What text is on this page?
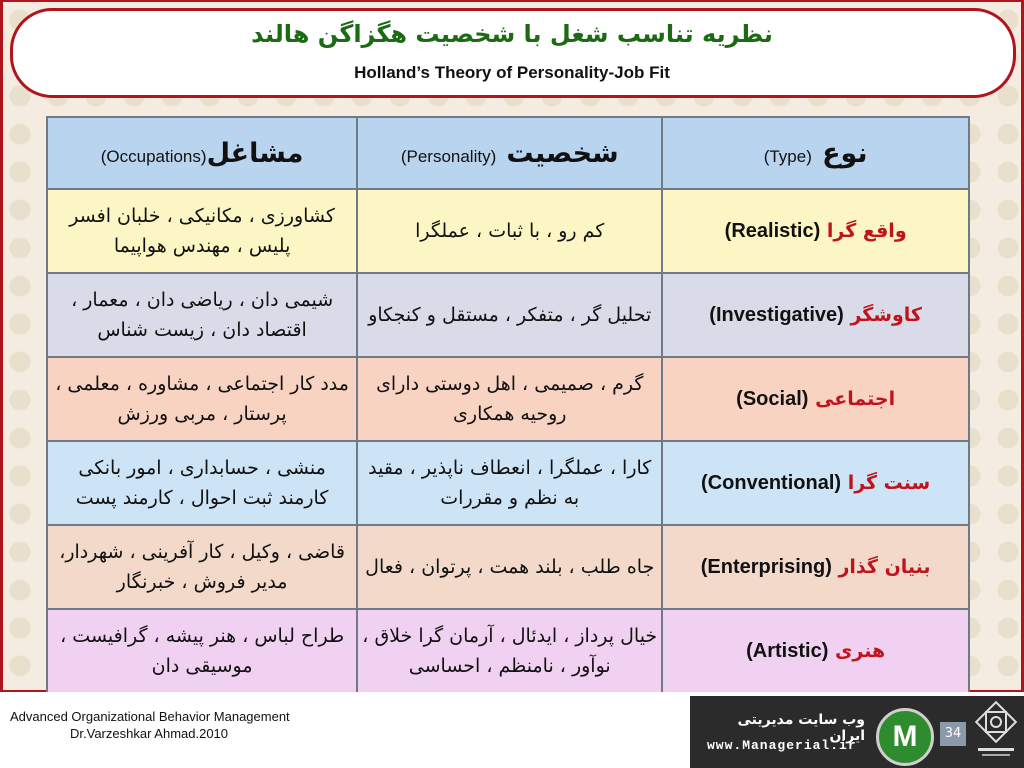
نظریه تناسب شغل با شخصیت هگزاگن هالند
Holland’s Theory of Personality-Job Fit
(Occupations)مشاغل	(Personality) شخصیت	(Type) نوع
کشاورزی ، مکانیکی ، خلبان افسر پلیس ، مهندس هواپیما	کم رو ، با ثبات ، عملگرا	واقع گرا (Realistic)
شیمی دان ، ریاضی دان ، معمار ، اقتصاد دان ، زیست شناس	تحلیل گر ، متفکر ، مستقل و کنجکاو	کاوشگر (Investigative)
مدد کار اجتماعی ، مشاوره ، معلمی ، پرستار ، مربی ورزش	گرم ، صمیمی ، اهل دوستی دارای روحیه همکاری	اجتماعی (Social)
منشی ، حسابداری ، امور بانکی کارمند ثبت احوال ، کارمند پست	کارا ، عملگرا ، انعطاف ناپذیر ، مقید به نظم و مقررات	سنت گرا (Conventional)
قاضی ، وکیل ، کار آفرینی ، شهردار، مدیر فروش ، خبرنگار	جاه طلب ، بلند همت ، پرتوان ، فعال	بنیان گذار (Enterprising)
طراح لباس ، هنر پیشه ، گرافیست ، موسیقی دان	خیال پرداز ، ایدئال ، آرمان گرا خلاق ، نوآور ، نامنظم ، احساسی	هنری (Artistic)
Advanced Organizational Behavior Management
Dr.Varzeshkar Ahmad.2010
وب سایت مدیریتی ایران
www.Managerial.ir	M	34
